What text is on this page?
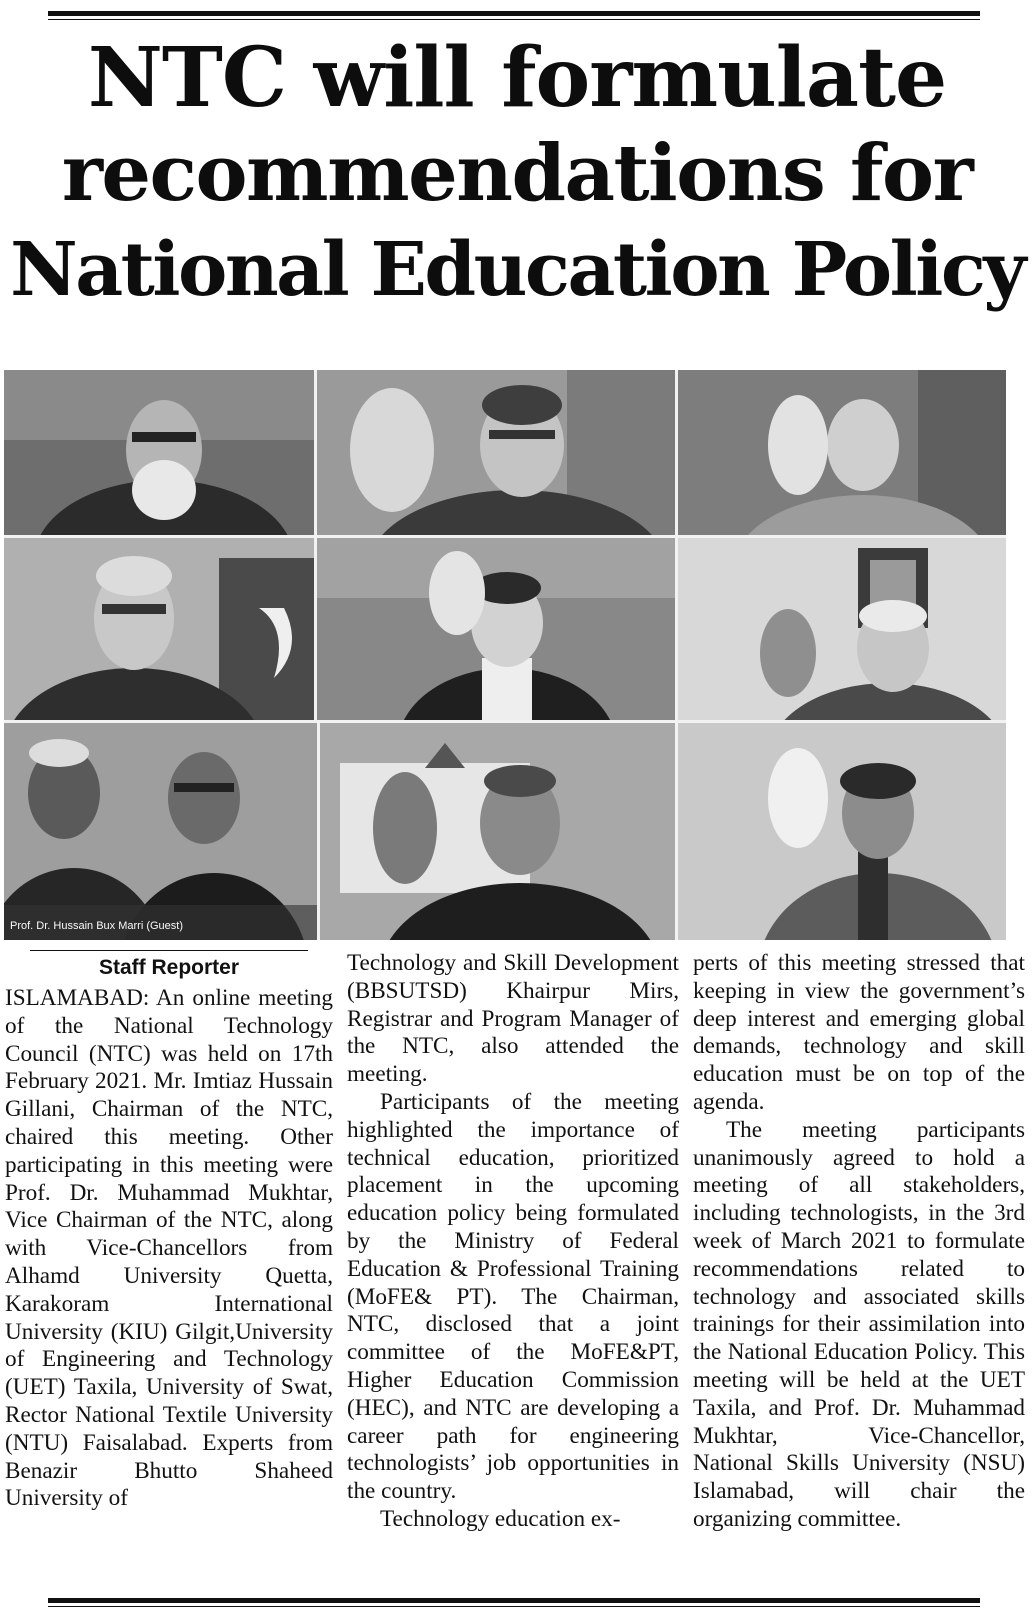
NTC will formulate
recommendations for
National Education Policy
Prof. Dr. Hussain Bux Marri (Guest)
Staff Reporter

ISLAMABAD: An online meeting of the National Technology Council (NTC) was held on 17th February 2021. Mr. Imtiaz Hussain Gillani, Chairman of the NTC, chaired this meeting. Other participating in this meeting were Prof. Dr. Muhammad Mukhtar, Vice Chairman of the NTC, along with Vice-Chancellors from Alhamd University Quetta, Karakoram International University (KIU) Gilgit,University of Engineering and Technology (UET) Taxila, University of Swat, Rector National Textile University (NTU) Faisalabad. Experts from Benazir Bhutto Shaheed University of

Technology and Skill Development (BBSUTSD) Khairpur Mirs, Registrar and Program Manager of the NTC, also attended the meeting.

Participants of the meeting highlighted the importance of technical education, prioritized placement in the upcoming education policy being formulated by the Ministry of Federal Education & Professional Training (MoFE& PT). The Chairman, NTC, disclosed that a joint committee of the MoFE&PT, Higher Education Commission (HEC), and NTC are developing a career path for engineering technologists’ job opportunities in the country.

Technology education ex-

perts of this meeting stressed that keeping in view the government’s deep interest and emerging global demands, technology and skill education must be on top of the agenda.

The meeting participants unanimously agreed to hold a meeting of all stakeholders, including technologists, in the 3rd week of March 2021 to formulate recommendations related to technology and associated skills trainings for their assimilation into the National Education Policy. This meeting will be held at the UET Taxila, and Prof. Dr. Muhammad Mukhtar, Vice-Chancellor, National Skills University (NSU) Islamabad, will chair the organizing committee.
